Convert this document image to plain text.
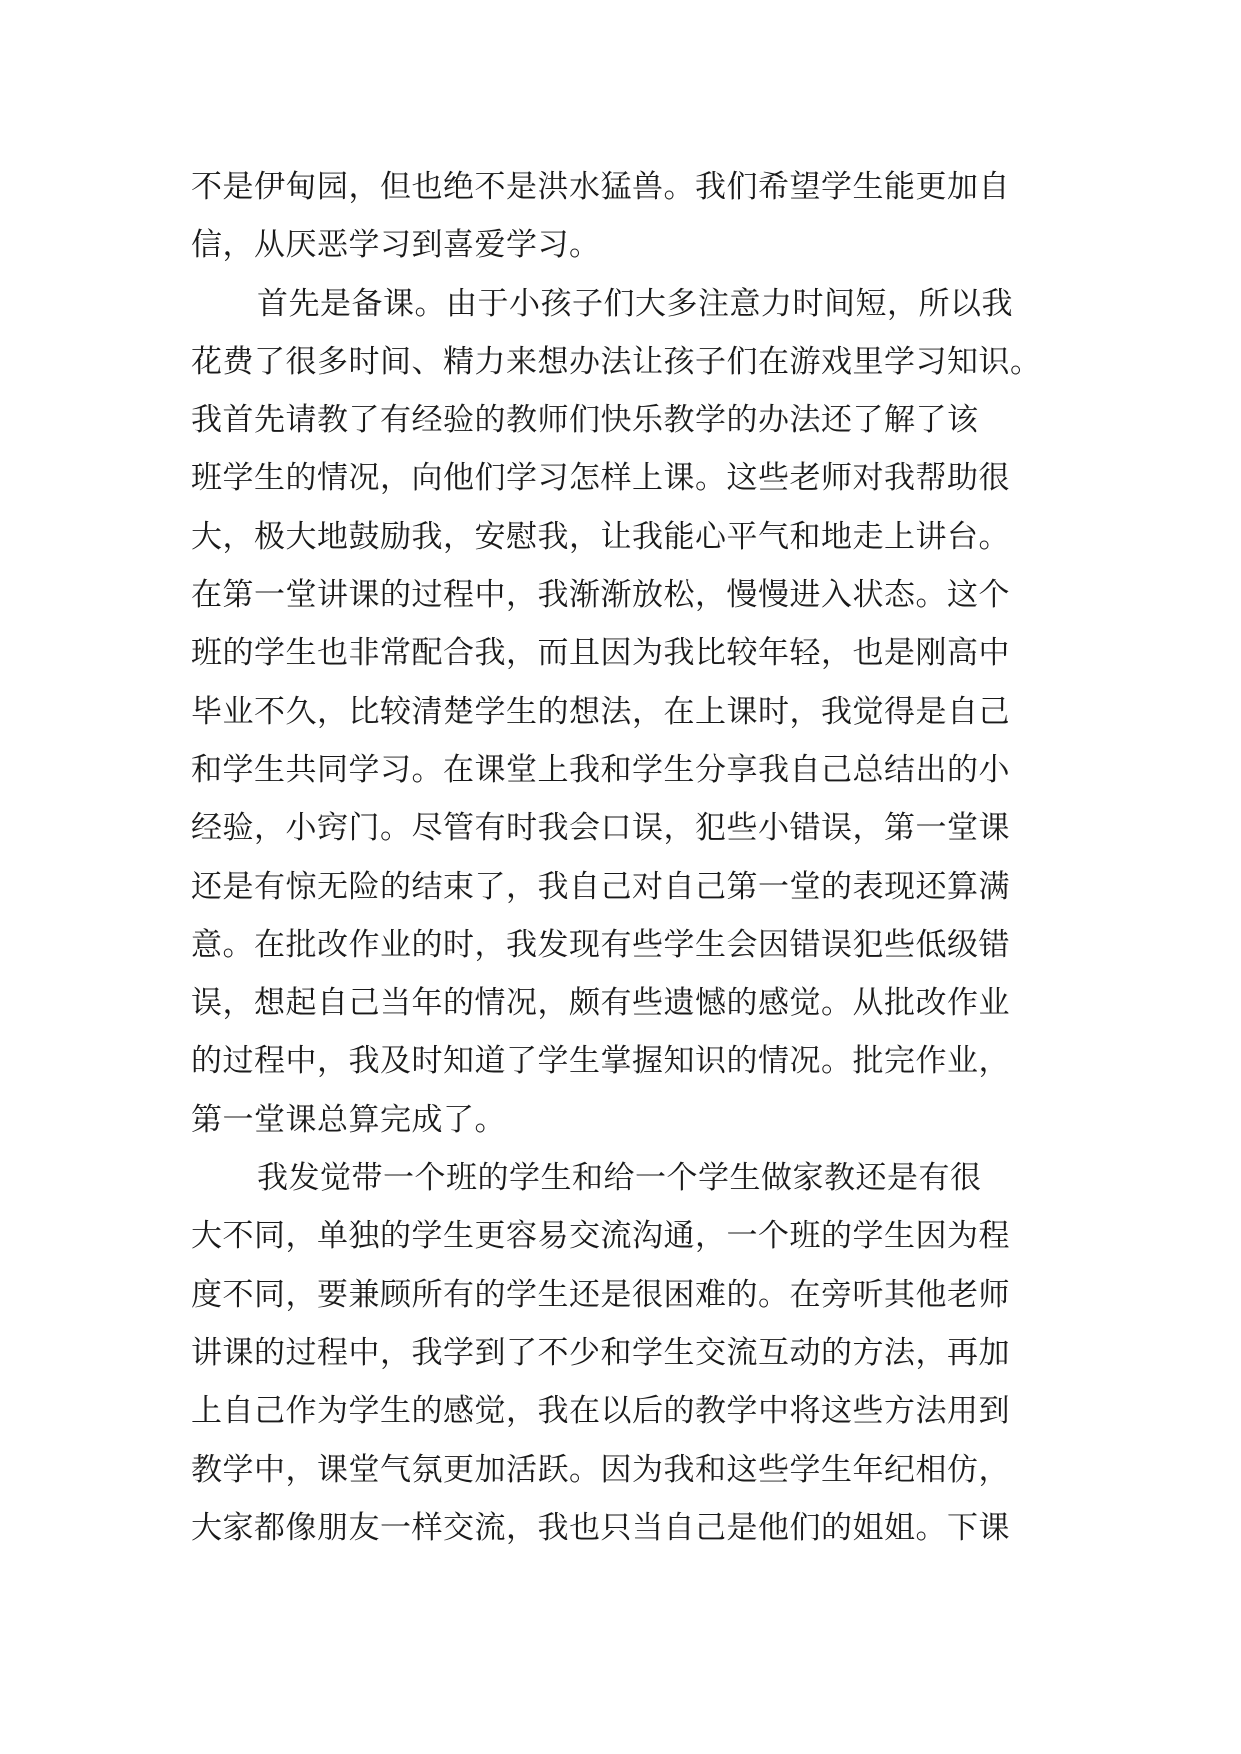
不是伊甸园，但也绝不是洪水猛兽。我们希望学生能更加自
信，从厌恶学习到喜爱学习。
首先是备课。由于小孩子们大多注意力时间短，所以我
花费了很多时间、精力来想办法让孩子们在游戏里学习知识。
我首先请教了有经验的教师们快乐教学的办法还了解了该
班学生的情况，向他们学习怎样上课。这些老师对我帮助很
大，极大地鼓励我，安慰我，让我能心平气和地走上讲台。
在第一堂讲课的过程中，我渐渐放松，慢慢进入状态。这个
班的学生也非常配合我，而且因为我比较年轻，也是刚高中
毕业不久，比较清楚学生的想法，在上课时，我觉得是自己
和学生共同学习。在课堂上我和学生分享我自己总结出的小
经验，小窍门。尽管有时我会口误，犯些小错误，第一堂课
还是有惊无险的结束了，我自己对自己第一堂的表现还算满
意。在批改作业的时，我发现有些学生会因错误犯些低级错
误，想起自己当年的情况，颇有些遗憾的感觉。从批改作业
的过程中，我及时知道了学生掌握知识的情况。批完作业，
第一堂课总算完成了。
我发觉带一个班的学生和给一个学生做家教还是有很
大不同，单独的学生更容易交流沟通，一个班的学生因为程
度不同，要兼顾所有的学生还是很困难的。在旁听其他老师
讲课的过程中，我学到了不少和学生交流互动的方法，再加
上自己作为学生的感觉，我在以后的教学中将这些方法用到
教学中，课堂气氛更加活跃。因为我和这些学生年纪相仿，
大家都像朋友一样交流，我也只当自己是他们的姐姐。下课
